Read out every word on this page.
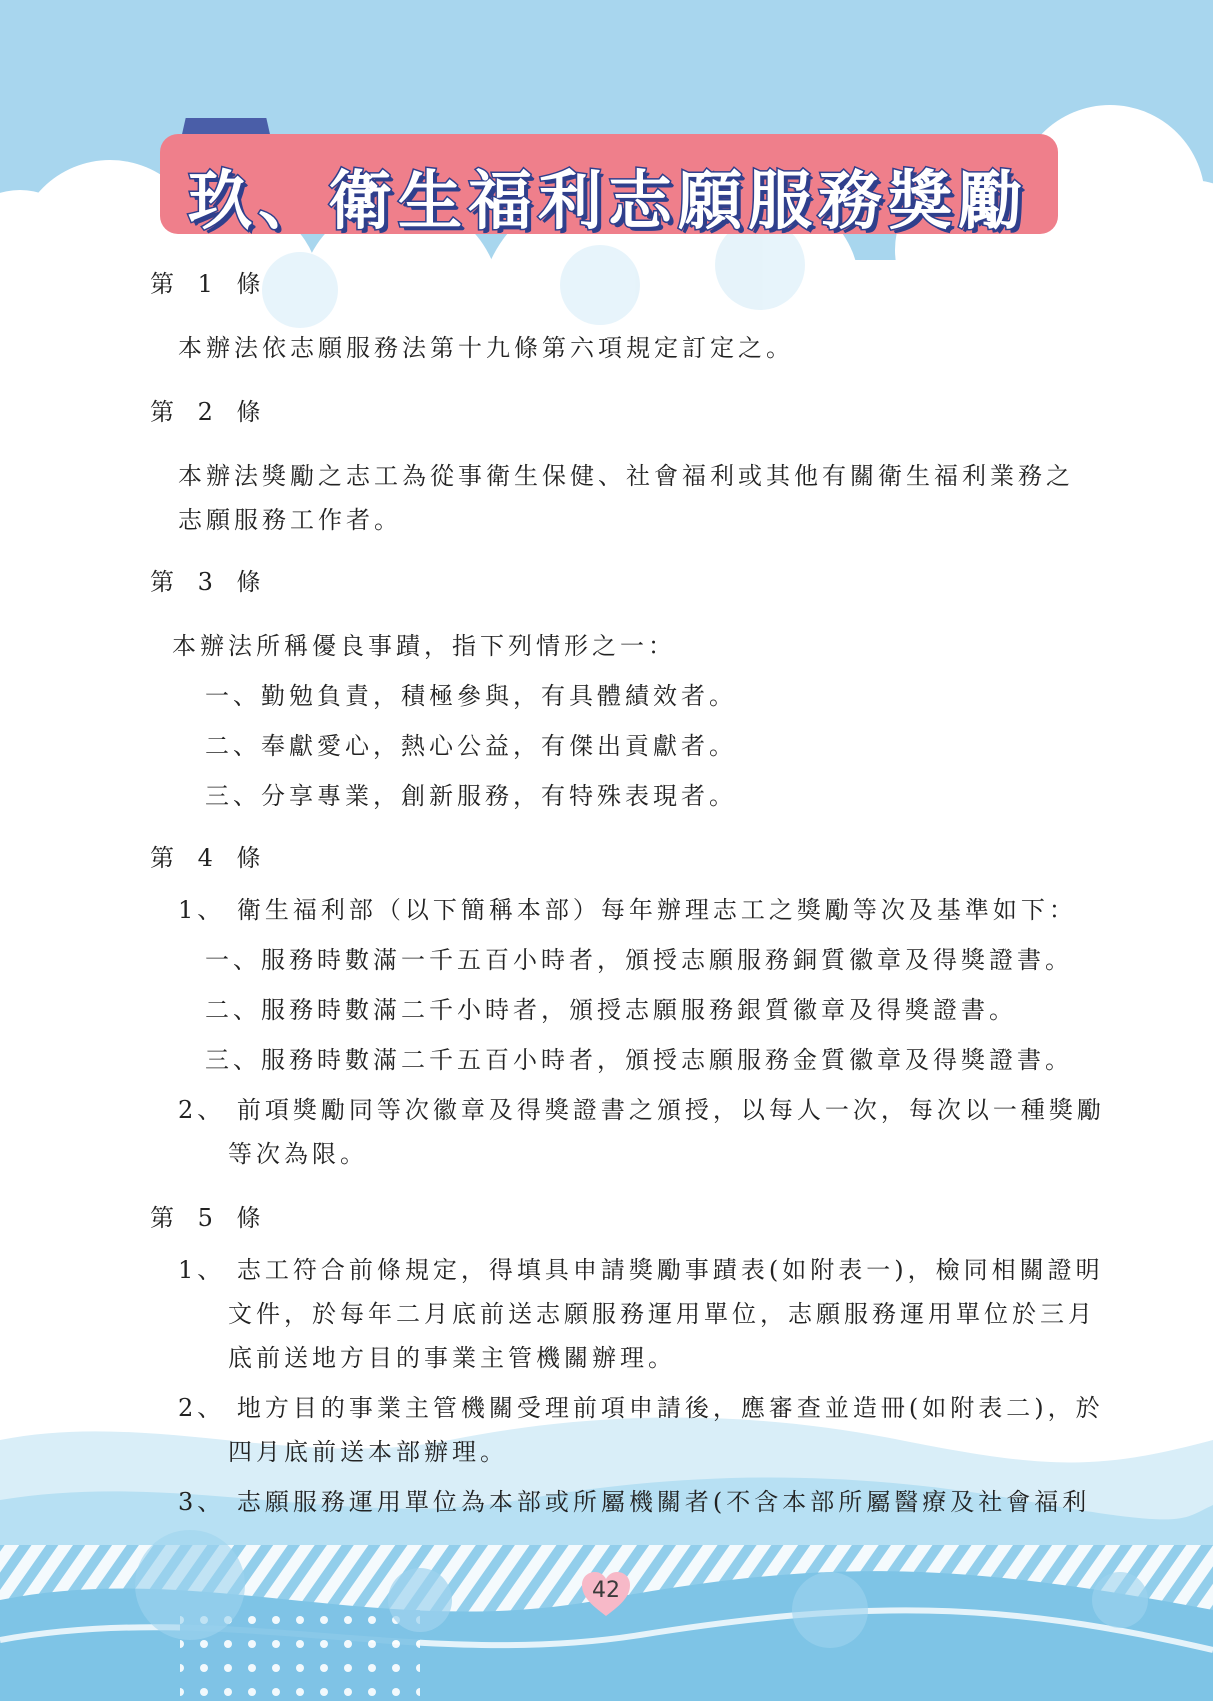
玖、衛生福利志願服務獎勵
第 1 條
本辦法依志願服務法第十九條第六項規定訂定之。
第 2 條
本辦法獎勵之志工為從事衛生保健、社會福利或其他有關衛生福利業務之
志願服務工作者。
第 3 條
本辦法所稱優良事蹟，指下列情形之一：
一、勤勉負責，積極參與，有具體績效者。
二、奉獻愛心，熱心公益，有傑出貢獻者。
三、分享專業，創新服務，有特殊表現者。
第 4 條
1、 衛生福利部（以下簡稱本部）每年辦理志工之獎勵等次及基準如下：
一、服務時數滿一千五百小時者，頒授志願服務銅質徽章及得獎證書。
二、服務時數滿二千小時者，頒授志願服務銀質徽章及得獎證書。
三、服務時數滿二千五百小時者，頒授志願服務金質徽章及得獎證書。
2、 前項獎勵同等次徽章及得獎證書之頒授，以每人一次，每次以一種獎勵
等次為限。
第 5 條
1、 志工符合前條規定，得填具申請獎勵事蹟表(如附表一)，檢同相關證明
文件，於每年二月底前送志願服務運用單位，志願服務運用單位於三月
底前送地方目的事業主管機關辦理。
2、 地方目的事業主管機關受理前項申請後，應審查並造冊(如附表二)，於
四月底前送本部辦理。
3、 志願服務運用單位為本部或所屬機關者(不含本部所屬醫療及社會福利
42
